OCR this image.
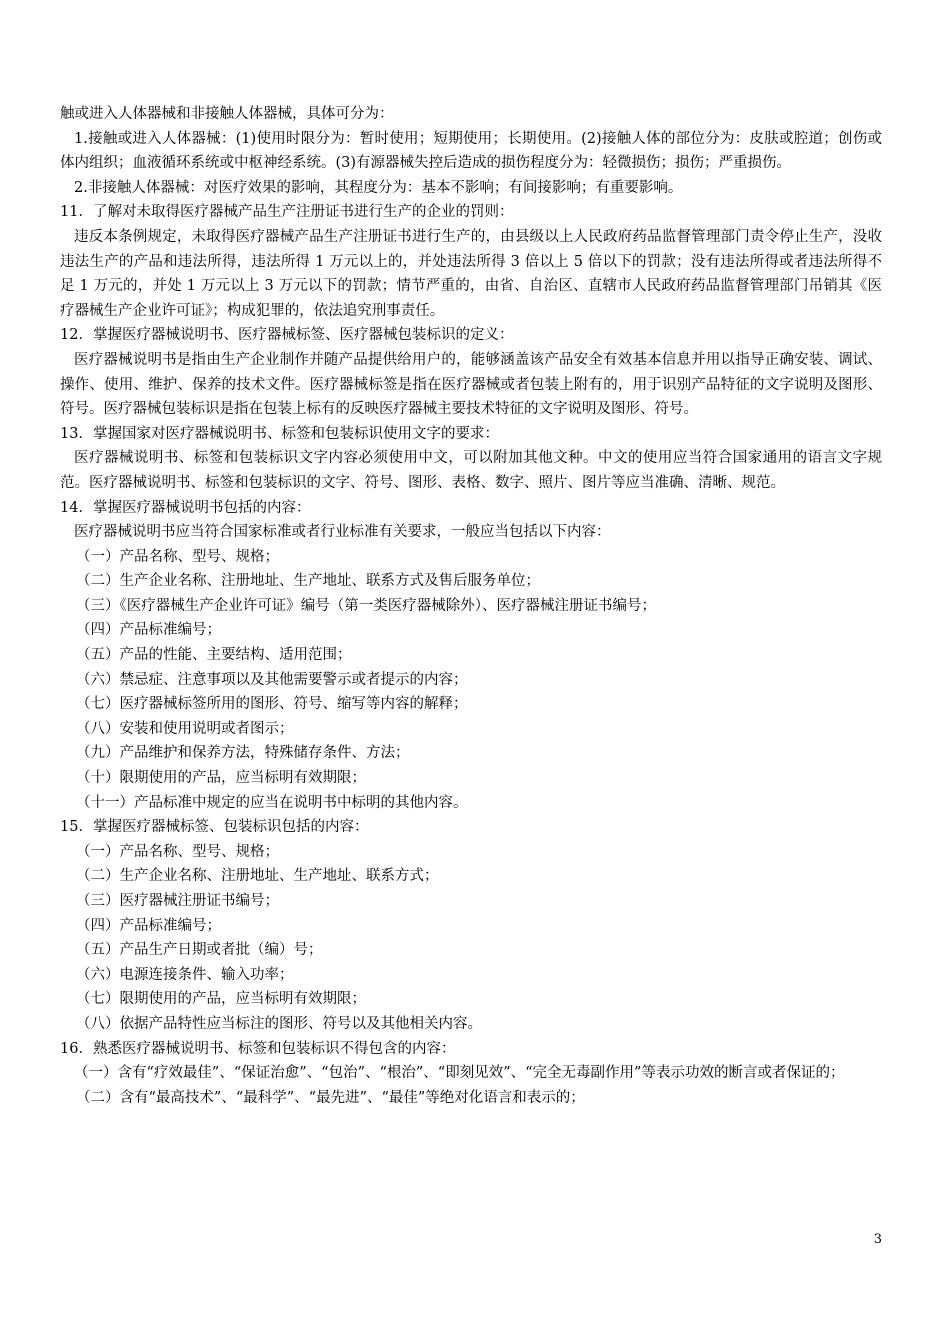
触或进入人体器械和非接触人体器械，具体可分为：

1.接触或进入人体器械：(1)使用时限分为：暂时使用；短期使用；长期使用。(2)接触人体的部位分为：皮肤或腔道；创伤或体内组织；血液循环系统或中枢神经系统。(3)有源器械失控后造成的损伤程度分为：轻微损伤；损伤；严重损伤。

2.非接触人体器械：对医疗效果的影响，其程度分为：基本不影响；有间接影响；有重要影响。

11．了解对未取得医疗器械产品生产注册证书进行生产的企业的罚则：

违反本条例规定，未取得医疗器械产品生产注册证书进行生产的，由县级以上人民政府药品监督管理部门责令停止生产，没收违法生产的产品和违法所得，违法所得 1 万元以上的，并处违法所得 3 倍以上 5 倍以下的罚款；没有违法所得或者违法所得不足 1 万元的，并处 1 万元以上 3 万元以下的罚款；情节严重的，由省、自治区、直辖市人民政府药品监督管理部门吊销其《医疗器械生产企业许可证》；构成犯罪的，依法追究刑事责任。

12．掌握医疗器械说明书、医疗器械标签、医疗器械包装标识的定义：

医疗器械说明书是指由生产企业制作并随产品提供给用户的，能够涵盖该产品安全有效基本信息并用以指导正确安装、调试、操作、使用、维护、保养的技术文件。医疗器械标签是指在医疗器械或者包装上附有的，用于识别产品特征的文字说明及图形、符号。医疗器械包装标识是指在包装上标有的反映医疗器械主要技术特征的文字说明及图形、符号。

13．掌握国家对医疗器械说明书、标签和包装标识使用文字的要求：

医疗器械说明书、标签和包装标识文字内容必须使用中文，可以附加其他文种。中文的使用应当符合国家通用的语言文字规范。医疗器械说明书、标签和包装标识的文字、符号、图形、表格、数字、照片、图片等应当准确、清晰、规范。

14．掌握医疗器械说明书包括的内容：

医疗器械说明书应当符合国家标准或者行业标准有关要求，一般应当包括以下内容：

（一）产品名称、型号、规格；

（二）生产企业名称、注册地址、生产地址、联系方式及售后服务单位；

（三）《医疗器械生产企业许可证》编号（第一类医疗器械除外）、医疗器械注册证书编号；

（四）产品标准编号；

（五）产品的性能、主要结构、适用范围；

（六）禁忌症、注意事项以及其他需要警示或者提示的内容；

（七）医疗器械标签所用的图形、符号、缩写等内容的解释；

（八）安装和使用说明或者图示；

（九）产品维护和保养方法，特殊储存条件、方法；

（十）限期使用的产品，应当标明有效期限；

（十一）产品标准中规定的应当在说明书中标明的其他内容。

15．掌握医疗器械标签、包装标识包括的内容：

（一）产品名称、型号、规格；

（二）生产企业名称、注册地址、生产地址、联系方式；

（三）医疗器械注册证书编号；

（四）产品标准编号；

（五）产品生产日期或者批（编）号；

（六）电源连接条件、输入功率；

（七）限期使用的产品，应当标明有效期限；

（八）依据产品特性应当标注的图形、符号以及其他相关内容。

16．熟悉医疗器械说明书、标签和包装标识不得包含的内容：

（一）含有“疗效最佳”、“保证治愈”、“包治”、“根治”、“即刻见效”、“完全无毒副作用”等表示功效的断言或者保证的；

（二）含有“最高技术”、“最科学”、“最先进”、“最佳”等绝对化语言和表示的；

3
